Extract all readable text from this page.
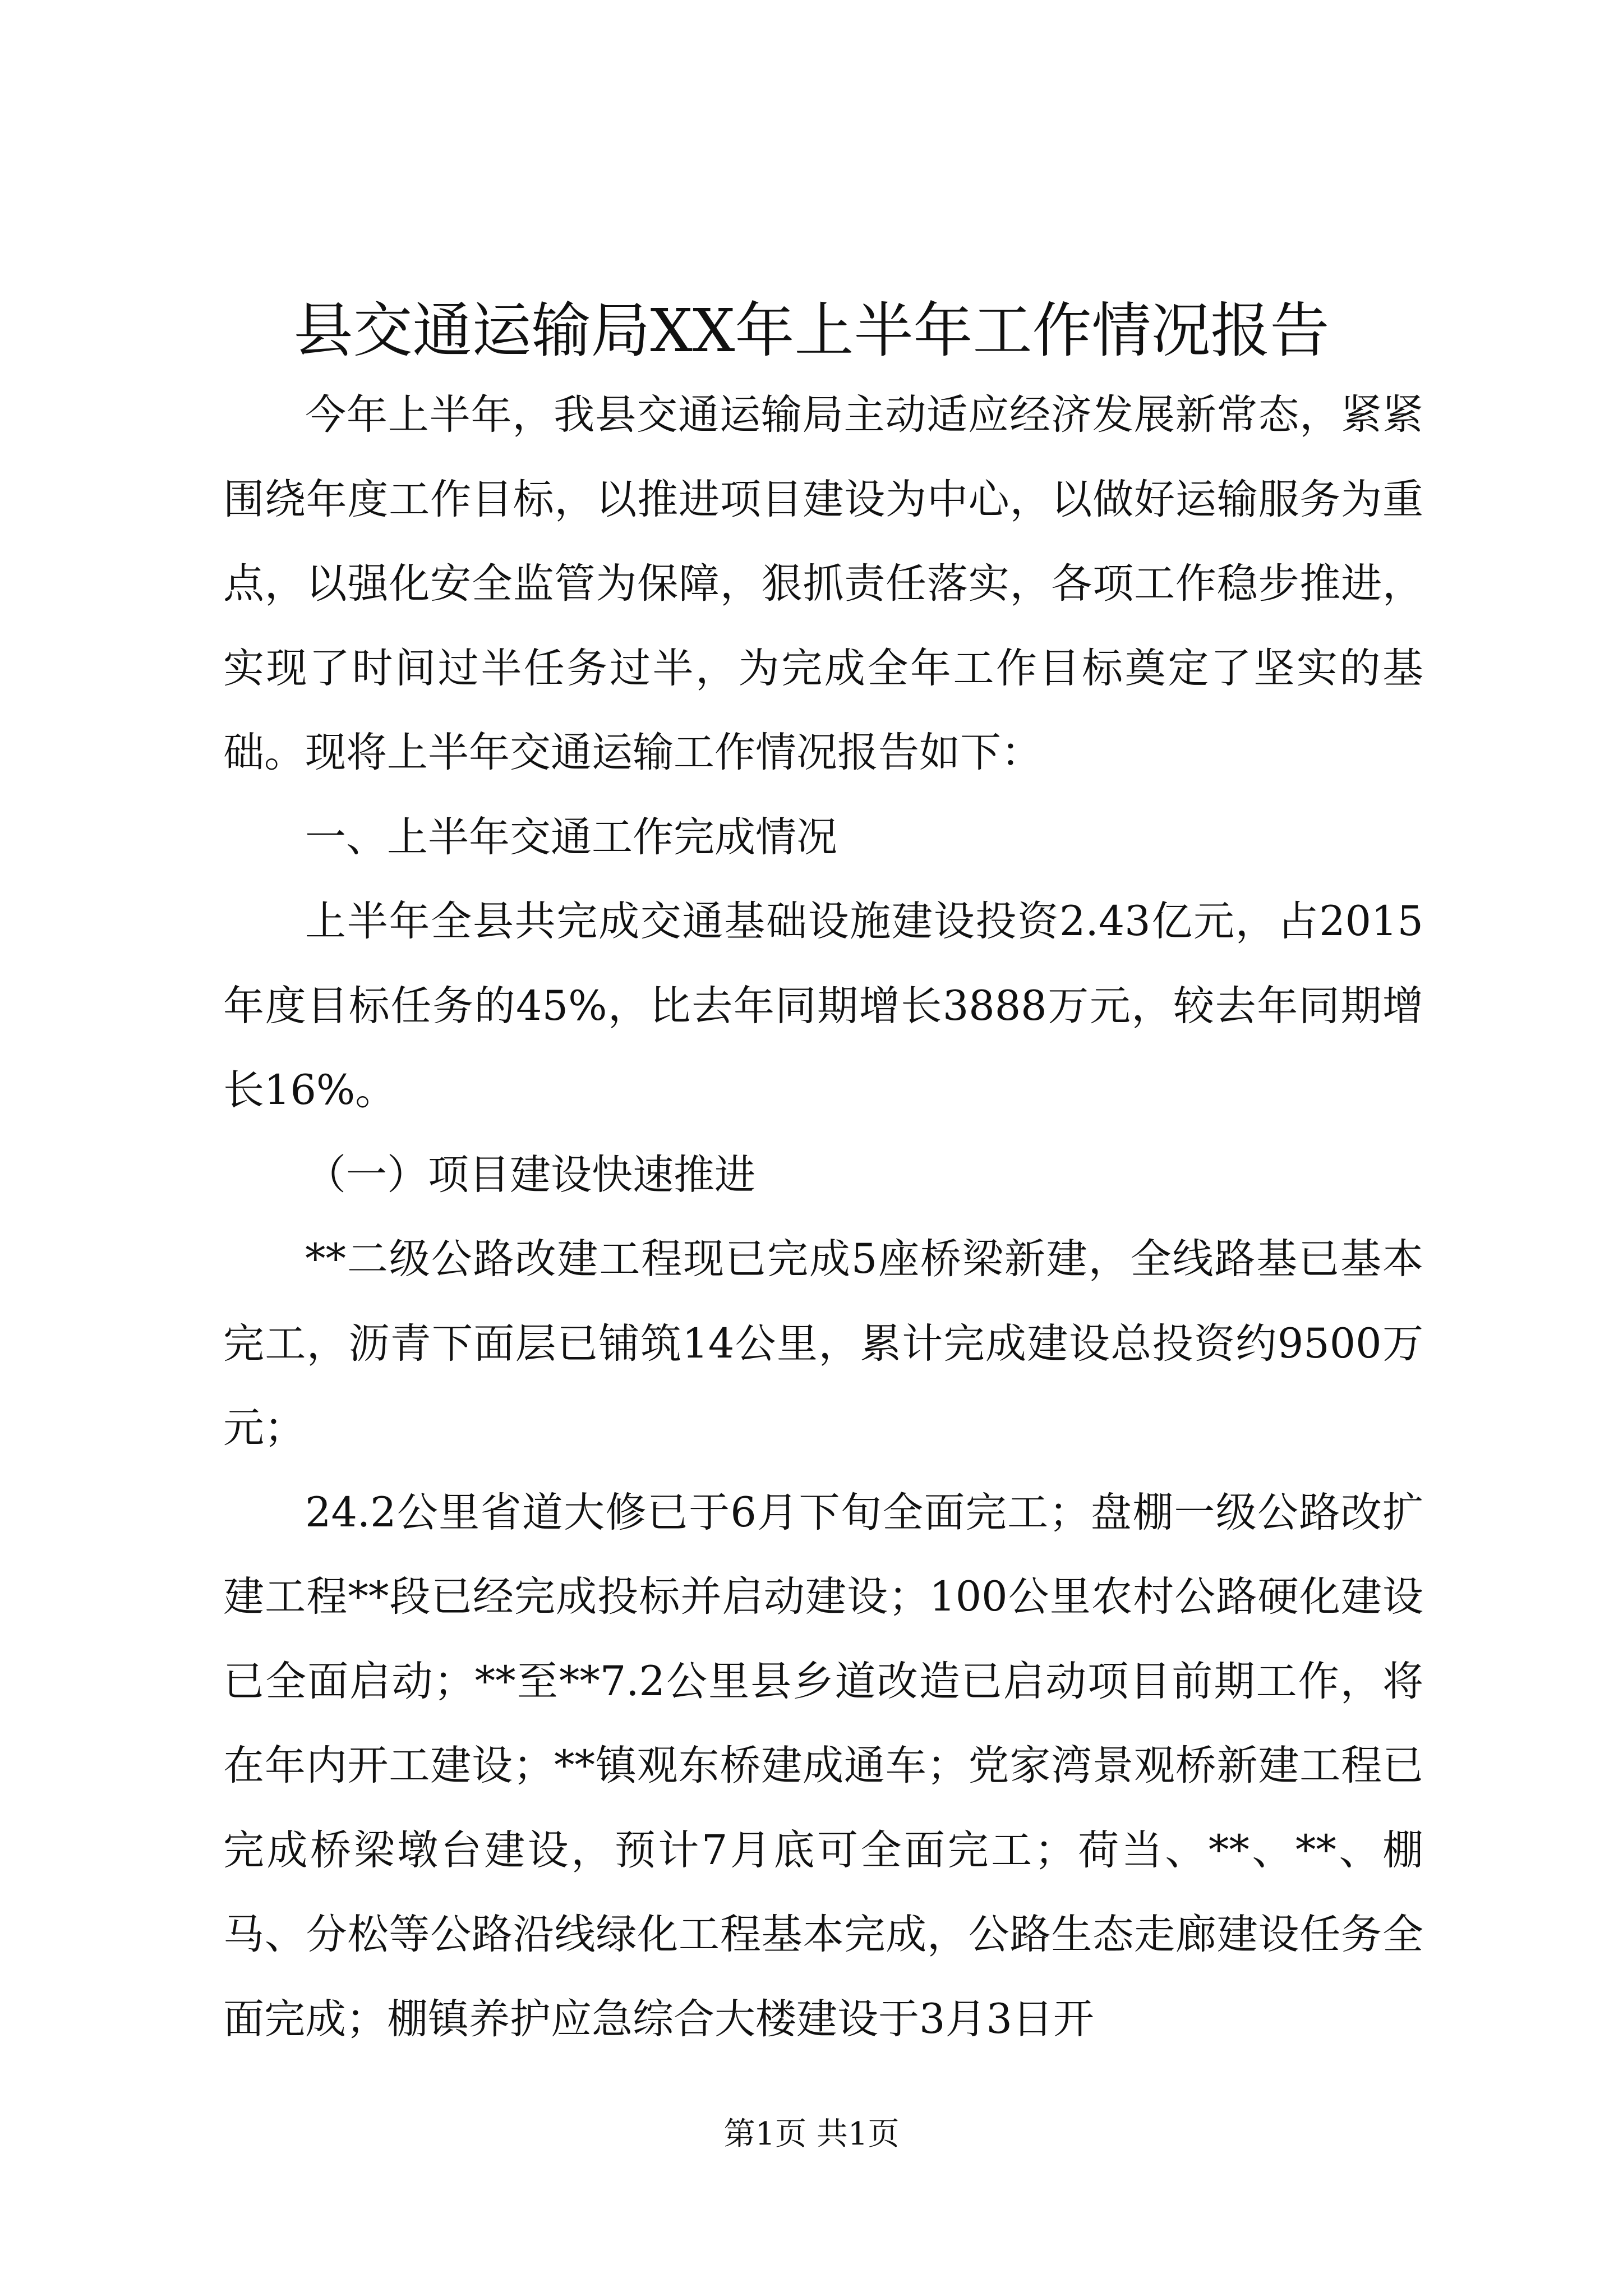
县交通运输局XX年上半年工作情况报告

今年上半年，我县交通运输局主动适应经济发展新常态，紧紧围绕年度工作目标，以推进项目建设为中心，以做好运输服务为重点，以强化安全监管为保障，狠抓责任落实，各项工作稳步推进，实现了时间过半任务过半，为完成全年工作目标奠定了坚实的基础。现将上半年交通运输工作情况报告如下：

一、上半年交通工作完成情况

上半年全县共完成交通基础设施建设投资2.43亿元，占2015年度目标任务的45%，比去年同期增长3888万元，较去年同期增长16%。

（一）项目建设快速推进

**二级公路改建工程现已完成5座桥梁新建，全线路基已基本完工，沥青下面层已铺筑14公里，累计完成建设总投资约9500万元；

24.2公里省道大修已于6月下旬全面完工；盘棚一级公路改扩建工程**段已经完成投标并启动建设；100公里农村公路硬化建设已全面启动；**至**7.2公里县乡道改造已启动项目前期工作，将在年内开工建设；**镇观东桥建成通车；党家湾景观桥新建工程已完成桥梁墩台建设，预计7月底可全面完工；荷当、**、**、棚马、分松等公路沿线绿化工程基本完成，公路生态走廊建设任务全面完成；棚镇养护应急综合大楼建设于3月3日开

第1页 共1页
